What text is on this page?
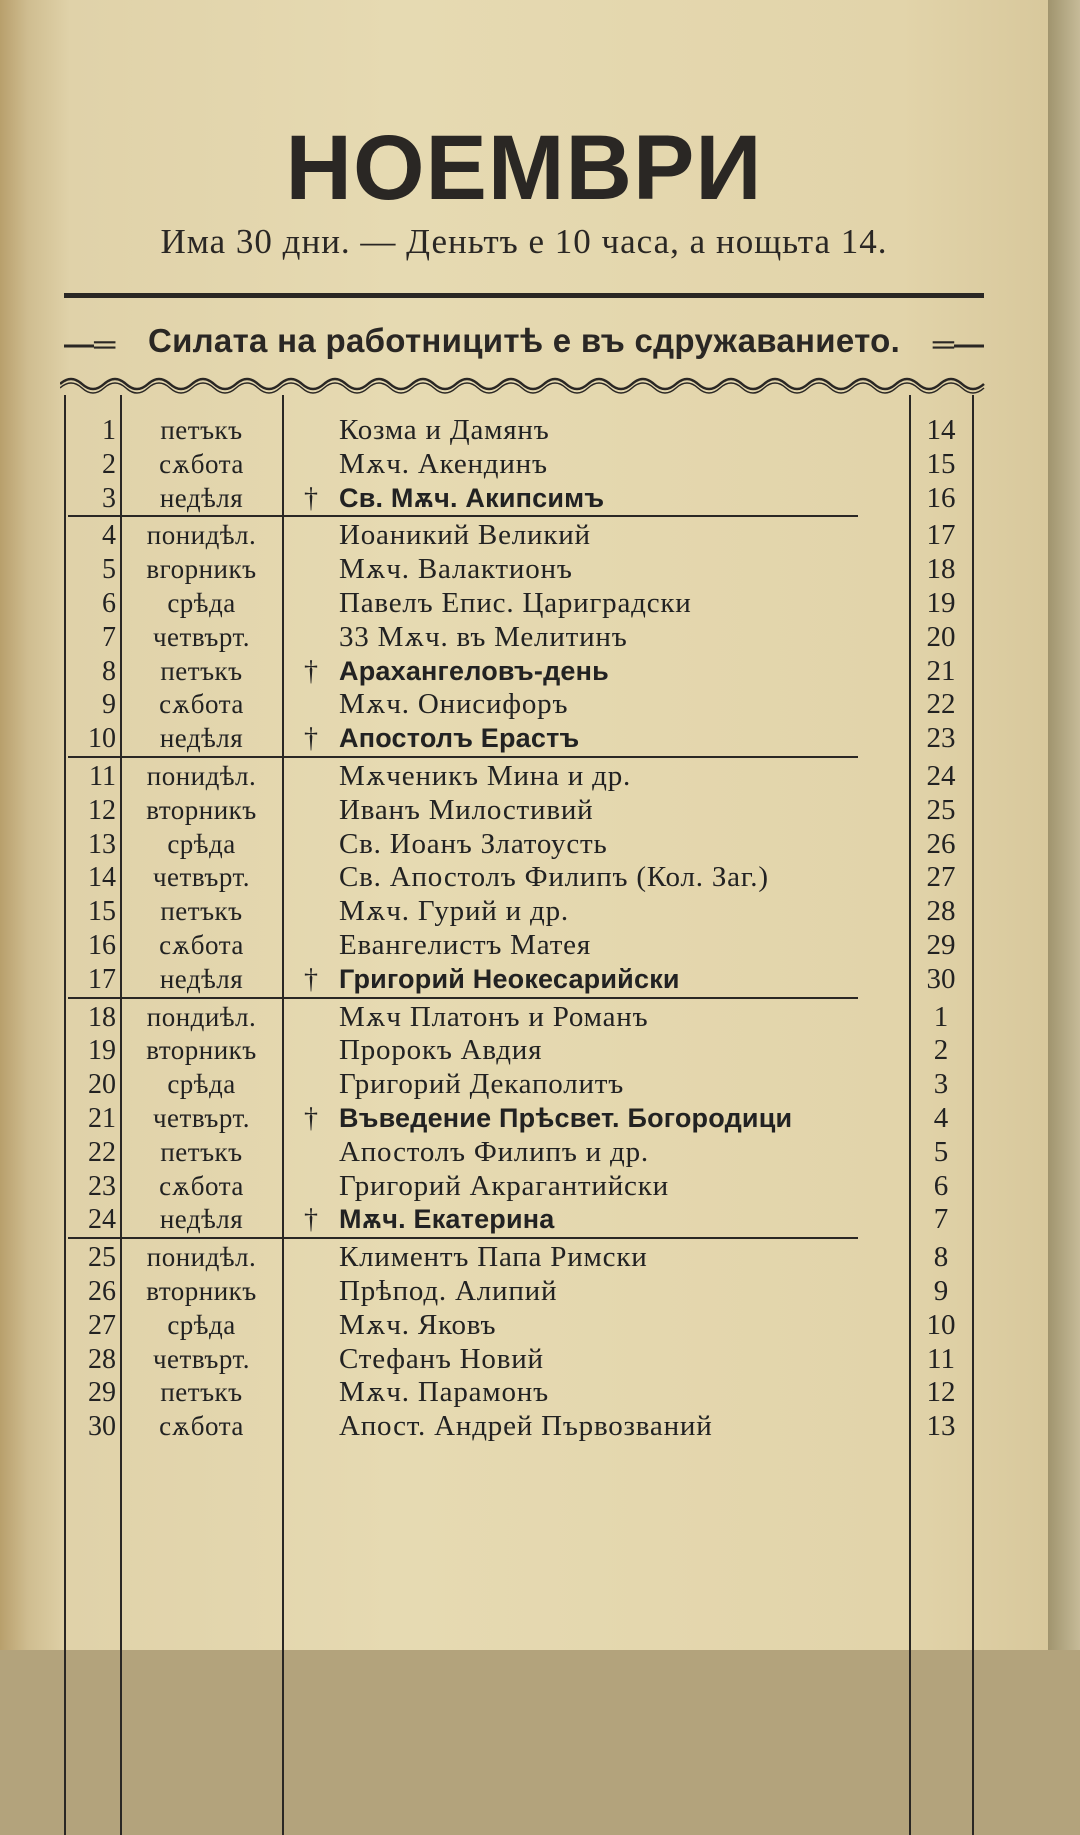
НОЕМВРИ
Има 30 дни. — Деньтъ е 10 часа, а нощьта 14.
—═ Силата на работницитѣ е въ сдружаванието.	═—
1	петъкъ	Козма и Дамянъ	14
2	сѫбота	Мѫч. Акендинъ	15
3	недѣля	† Св. Мѫч. Акипсимъ	16
4	понидѣл.	Иоаникий Великий	17
5	вгорникъ	Мѫч. Валактионъ	18
6	срѣда	Павелъ Епис. Цариградски	19
7	четвърт.	33 Мѫч. въ Мелитинъ	20
8	петъкъ	† Арахангеловъ-день	21
9	сѫбота	Мѫч. Онисифоръ	22
10	недѣля	† Апостолъ Ерастъ	23
11	понидѣл.	Мѫченикъ Мина и др.	24
12	вторникъ	Иванъ Милостивий	25
13	срѣда	Св. Иоанъ Златоусть	26
14	четвърт.	Св. Апостолъ Филипъ (Кол. Заг.)	27
15	петъкъ	Мѫч. Гурий и др.	28
16	сѫбота	Евангелистъ Матея	29
17	недѣля	† Григорий Неокесарийски	30
18	пондиѣл.	Мѫч Платонъ и Романъ	1
19	вторникъ	Пророкъ Авдия	2
20	срѣда	Григорий Декаполитъ	3
21	четвърт.	† Въведение Прѣсвет. Богородици	4
22	петъкъ	Апостолъ Филипъ и др.	5
23	сѫбота	Григорий Акрагантийски	6
24	недѣля	† Мѫч. Екатерина	7
25	понидѣл.	Климентъ Папа Римски	8
26	вторникъ	Прѣпод. Алипий	9
27	срѣда	Мѫч. Яковъ	10
28	четвърт.	Стефанъ Новий	11
29	петъкъ	Мѫч. Парамонъ	12
30	сѫбота	Апост. Андрей Първозваний	13
